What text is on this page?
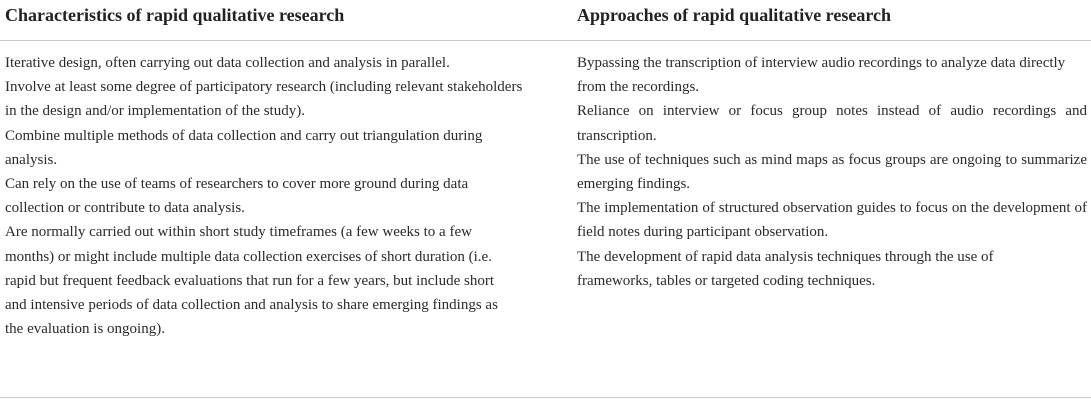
Characteristics of rapid qualitative research

Iterative design, often carrying out data collection and analysis in parallel.

Involve at least some degree of participatory research (including relevant stakeholders in the design and/or implementation of the study).

Combine multiple methods of data collection and carry out triangulation during analysis.

Can rely on the use of teams of researchers to cover more ground during data collection or contribute to data analysis.

Are normally carried out within short study timeframes (a few weeks to a few months) or might include multiple data collection exercises of short duration (i.e. rapid but frequent feedback evaluations that run for a few years, but include short and intensive periods of data collection and analysis to share emerging findings as the evaluation is ongoing).

Approaches of rapid qualitative research

Bypassing the transcription of interview audio recordings to analyze data directly from the recordings.

Reliance on interview or focus group notes instead of audio recordings and transcription.

The use of techniques such as mind maps as focus groups are ongoing to summarize emerging findings.

The implementation of structured observation guides to focus on the development of field notes during participant observation.

The development of rapid data analysis techniques through the use of frameworks, tables or targeted coding techniques.
